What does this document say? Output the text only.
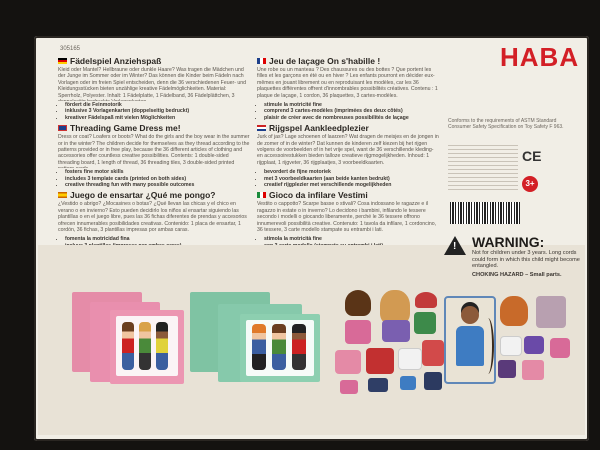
305165	HABA
Fädelspiel Anziehspaß
Kleid oder Mantel? Hellbraune oder dunkle Haare? Was tragen die Mädchen und der Junge im Sommer oder im Winter? Das können die Kinder beim Fädeln nach Vorlagen oder im freien Spiel entscheiden, denn die 36 verschiedenen Feuer- und Kleidungsstücken bieten unzählige kreative Fädelmöglichkeiten. Material: Sperrholz, Polyester. Inhalt: 1 Fädelplatte, 1 Fädelband, 36 Fädelplättchen, 3
• fördert die Feinmotorik
• inklusive 3 Vorlagenkarten (doppelseitig bedruckt)
• kreativer Fädelspaß mit vielen Möglichkeiten
Threading Game Dress me!
Dress or coat? Loafers or boots? What do the girls and the boy wear in the summer or in the winter? The children decide for themselves as they thread according to the patterns provided or in free play, because the 36 different articles of clothing and accessories offer countless creative possibilities. Contents: 1 double-sided threading board, 1 length of thread, 36 threading tiles, 3 double-sided printed
• fosters fine motor skills
• includes 3 template cards (printed on both sides)
• creative threading fun with many possible outcomes
Juego de ensartar ¿Qué me pongo?
¿Vestido o abrigo? ¿Mocasines o botas? ¿Qué llevan las chicas y el chico en verano o en invierno? Esto pueden decidirlo los niños al ensartar siguiendo las plantillas o en el juego libre, pues las 36 fichas diferentes de prendas y accesorios ofrecen innumerables posibilidades creativas. Contenido: 1 placa de ensartar, 1 cordón, 36 fichas, 3 plantillas impresas por ambas caras.
• fomenta la motricidad fina
•
•
Jeu de laçage On s'habille !
Une robe ou un manteau ? Des chaussures ou des bottes ? Que portent les filles et les garçons en été ou en hiver ? Les enfants pourront en décider eux-mêmes en jouant librement ou en reproduisant les modèles, car les 36 plaquettes différentes offrent d'innombrables possibilités créatives. Contenu : 1 plaque de laçage, 1 cordon, 36 plaquettes, 3 cartes-modèles.
• stimule la motricité fine
• comprend 3 cartes-modèles (imprimées des deux côtés)
• plaisir de créer avec de nombreuses possibilités de laçage
Rijgspel Aankleedplezier
Jurk of jas? Lage schoenen of laarzen? Wat dragen de meisjes en de jongen in de zomer of in de winter? Dat kunnen de kinderen zelf kiezen bij het rijgen volgens de voorbeelden of in het vrije spel, want de 36 verschillende kleding- en accessoirestukken bieden talloze creatieve rijgmogelijkheden. Inhoud: 1 rijgplaat, 1 rijgveter, 36 rijgplaatjes, 3 voorbeeldkaarten.
• bevordert de fijne motoriek
• met 3 voorbeeldkaarten (aan beide kanten bedrukt)
• creatief rijgplezier met verschillende mogelijkheden
Gioco da infilare Vestimi
Vestito o cappotto? Scarpe basse o stivali? Cosa indossano le ragazze e il ragazzo in estate o in inverno? Lo decidono i bambini, infilando le tessere secondo i modelli o giocando liberamente, perché le 36 tessere offrono innumerevoli possibilità creative. Contenuto: 1 tavola da infilare, 1 cordoncino, 36 tessere, 3 carte modello stampate su entrambi i lati.
• stimola la motricità fine
•
•
Conforms to the requirements of ASTM Standard Consumer Safety Specification on Toy Safety F 963.
CE
3+
! WARNING:
Not for children under 3 years. Long cords could form in which this child might become entangled.
CHOKING HAZARD – Small parts.
